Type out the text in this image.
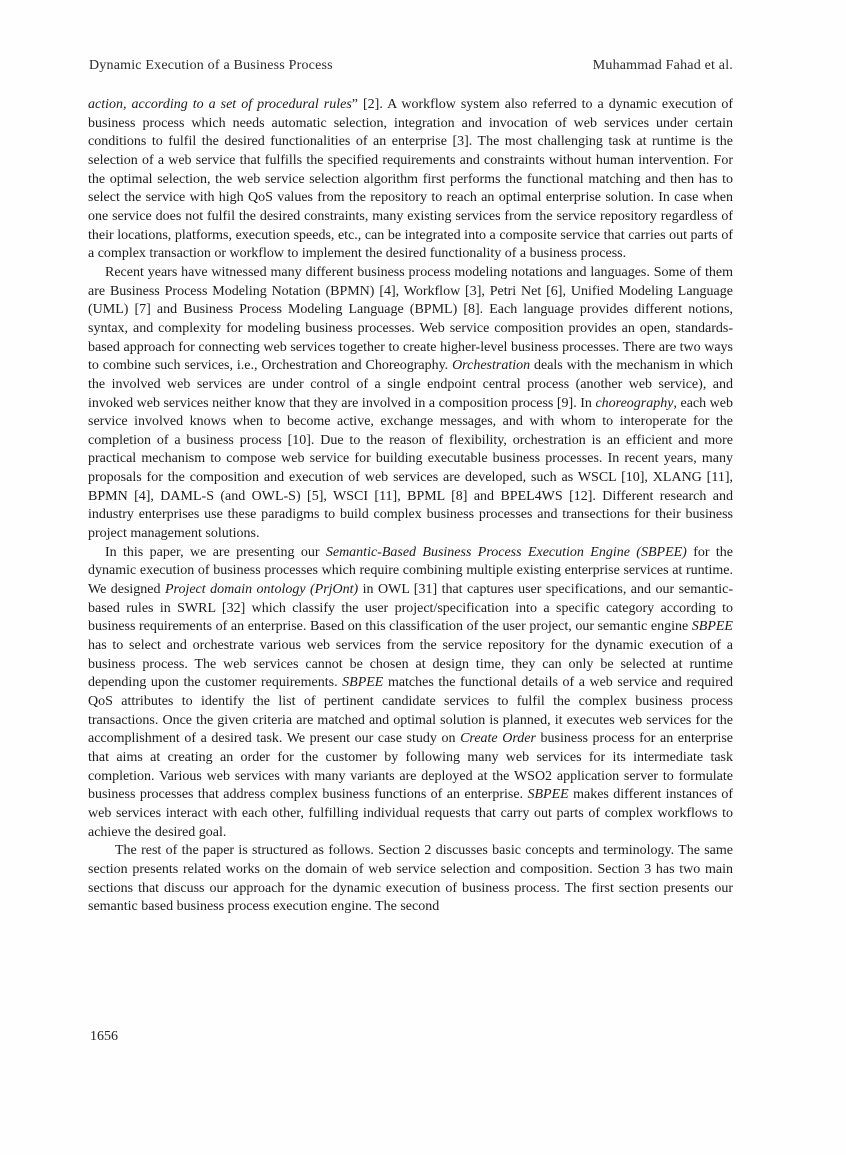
Dynamic Execution of a Business Process	Muhammad Fahad et al.

action, according to a set of procedural rules” [2]. A workflow system also referred to a dynamic execution of business process which needs automatic selection, integration and invocation of web services under certain conditions to fulfil the desired functionalities of an enterprise [3]. The most challenging task at runtime is the selection of a web service that fulfills the specified requirements and constraints without human intervention. For the optimal selection, the web service selection algorithm first performs the functional matching and then has to select the service with high QoS values from the repository to reach an optimal enterprise solution. In case when one service does not fulfil the desired constraints, many existing services from the service repository regardless of their locations, platforms, execution speeds, etc., can be integrated into a composite service that carries out parts of a complex transaction or workflow to implement the desired functionality of a business process.

Recent years have witnessed many different business process modeling notations and languages. Some of them are Business Process Modeling Notation (BPMN) [4], Workflow [3], Petri Net [6], Unified Modeling Language (UML) [7] and Business Process Modeling Language (BPML) [8]. Each language provides different notions, syntax, and complexity for modeling business processes. Web service composition provides an open, standards-based approach for connecting web services together to create higher-level business processes. There are two ways to combine such services, i.e., Orchestration and Choreography. Orchestration deals with the mechanism in which the involved web services are under control of a single endpoint central process (another web service), and invoked web services neither know that they are involved in a composition process [9]. In choreography, each web service involved knows when to become active, exchange messages, and with whom to interoperate for the completion of a business process [10]. Due to the reason of flexibility, orchestration is an efficient and more practical mechanism to compose web service for building executable business processes. In recent years, many proposals for the composition and execution of web services are developed, such as WSCL [10], XLANG [11], BPMN [4], DAML-S (and OWL-S) [5], WSCI [11], BPML [8] and BPEL4WS [12]. Different research and industry enterprises use these paradigms to build complex business processes and transections for their business project management solutions.

In this paper, we are presenting our Semantic-Based Business Process Execution Engine (SBPEE) for the dynamic execution of business processes which require combining multiple existing enterprise services at runtime. We designed Project domain ontology (PrjOnt) in OWL [31] that captures user specifications, and our semantic-based rules in SWRL [32] which classify the user project/specification into a specific category according to business requirements of an enterprise. Based on this classification of the user project, our semantic engine SBPEE has to select and orchestrate various web services from the service repository for the dynamic execution of a business process. The web services cannot be chosen at design time, they can only be selected at runtime depending upon the customer requirements. SBPEE matches the functional details of a web service and required QoS attributes to identify the list of pertinent candidate services to fulfil the complex business process transactions. Once the given criteria are matched and optimal solution is planned, it executes web services for the accomplishment of a desired task. We present our case study on Create Order business process for an enterprise that aims at creating an order for the customer by following many web services for its intermediate task completion. Various web services with many variants are deployed at the WSO2 application server to formulate business processes that address complex business functions of an enterprise. SBPEE makes different instances of web services interact with each other, fulfilling individual requests that carry out parts of complex workflows to achieve the desired goal.

The rest of the paper is structured as follows. Section 2 discusses basic concepts and terminology. The same section presents related works on the domain of web service selection and composition. Section 3 has two main sections that discuss our approach for the dynamic execution of business process. The first section presents our semantic based business process execution engine. The second

1656
